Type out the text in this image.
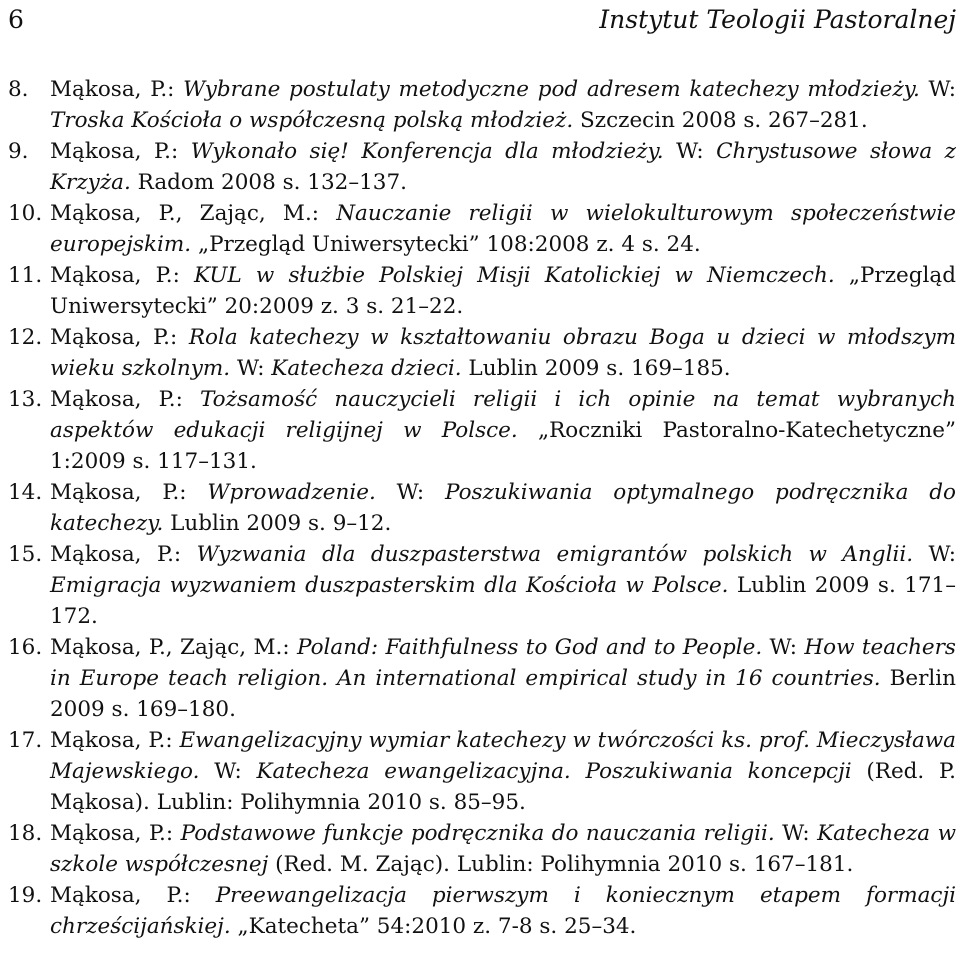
6	Instytut Teologii Pastoralnej
8. Mąkosa, P.: Wybrane postulaty metodyczne pod adresem katechezy młodzieży. W: Troska Kościoła o współczesną polską młodzież. Szczecin 2008 s. 267–281.
9. Mąkosa, P.: Wykonało się! Konferencja dla młodzieży. W: Chrystusowe słowa z Krzyża. Radom 2008 s. 132–137.
10. Mąkosa, P., Zając, M.: Nauczanie religii w wielokulturowym społeczeństwie europejskim. „Przegląd Uniwersytecki” 108:2008 z. 4 s. 24.
11. Mąkosa, P.: KUL w służbie Polskiej Misji Katolickiej w Niemczech. „Przegląd Uniwersytecki” 20:2009 z. 3 s. 21–22.
12. Mąkosa, P.: Rola katechezy w kształtowaniu obrazu Boga u dzieci w młodszym wieku szkolnym. W: Katecheza dzieci. Lublin 2009 s. 169–185.
13. Mąkosa, P.: Tożsamość nauczycieli religii i ich opinie na temat wybranych aspektów edukacji religijnej w Polsce. „Roczniki Pastoralno-Katechetyczne” 1:2009 s. 117–131.
14. Mąkosa, P.: Wprowadzenie. W: Poszukiwania optymalnego podręcznika do katechezy. Lublin 2009 s. 9–12.
15. Mąkosa, P.: Wyzwania dla duszpasterstwa emigrantów polskich w Anglii. W: Emigracja wyzwaniem duszpasterskim dla Kościoła w Polsce. Lublin 2009 s. 171–172.
16. Mąkosa, P., Zając, M.: Poland: Faithfulness to God and to People. W: How teachers in Europe teach religion. An international empirical study in 16 countries. Berlin 2009 s. 169–180.
17. Mąkosa, P.: Ewangelizacyjny wymiar katechezy w twórczości ks. prof. Mieczysława Majewskiego. W: Katecheza ewangelizacyjna. Poszukiwania koncepcji (Red. P. Mąkosa). Lublin: Polihymnia 2010 s. 85–95.
18. Mąkosa, P.: Podstawowe funkcje podręcznika do nauczania religii. W: Katecheza w szkole współczesnej (Red. M. Zając). Lublin: Polihymnia 2010 s. 167–181.
19. Mąkosa, P.: Preewangelizacja pierwszym i koniecznym etapem formacji chrześcijańskiej. „Katecheta” 54:2010 z. 7-8 s. 25–34.
